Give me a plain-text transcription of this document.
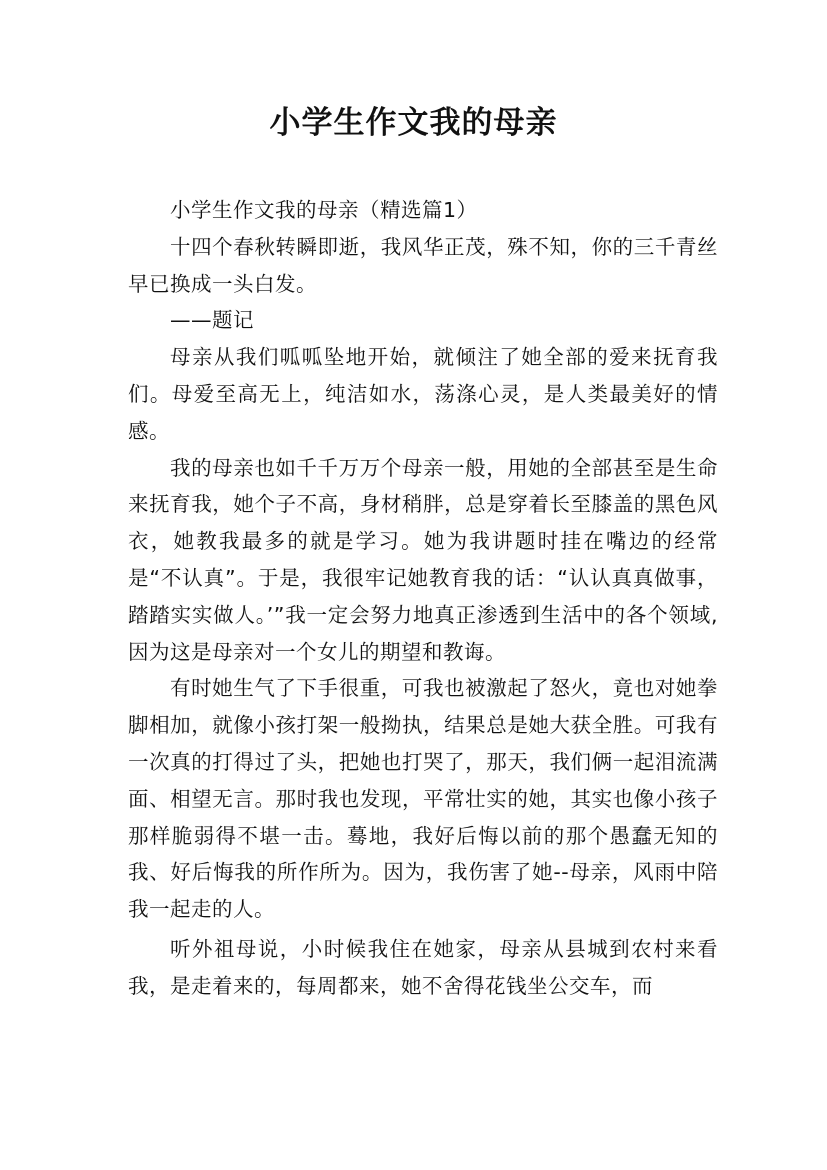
小学生作文我的母亲

小学生作文我的母亲（精选篇1）

十四个春秋转瞬即逝，我风华正茂，殊不知，你的三千青丝早已换成一头白发。

——题记

母亲从我们呱呱坠地开始，就倾注了她全部的爱来抚育我们。母爱至高无上，纯洁如水，荡涤心灵，是人类最美好的情感。

我的母亲也如千千万万个母亲一般，用她的全部甚至是生命来抚育我，她个子不高，身材稍胖，总是穿着长至膝盖的黑色风衣，她教我最多的就是学习。她为我讲题时挂在嘴边的经常是“不认真”。于是，我很牢记她教育我的话：“认认真真做事，踏踏实实做人。’”我一定会努力地真正渗透到生活中的各个领域,因为这是母亲对一个女儿的期望和教诲。

有时她生气了下手很重，可我也被激起了怒火，竟也对她拳脚相加，就像小孩打架一般拗执，结果总是她大获全胜。可我有一次真的打得过了头，把她也打哭了，那天，我们俩一起泪流满面、相望无言。那时我也发现，平常壮实的她，其实也像小孩子那样脆弱得不堪一击。蓦地，我好后悔以前的那个愚蠢无知的我、好后悔我的所作所为。因为，我伤害了她--母亲，风雨中陪我一起走的人。

听外祖母说，小时候我住在她家，母亲从县城到农村来看我，是走着来的，每周都来，她不舍得花钱坐公交车，而
